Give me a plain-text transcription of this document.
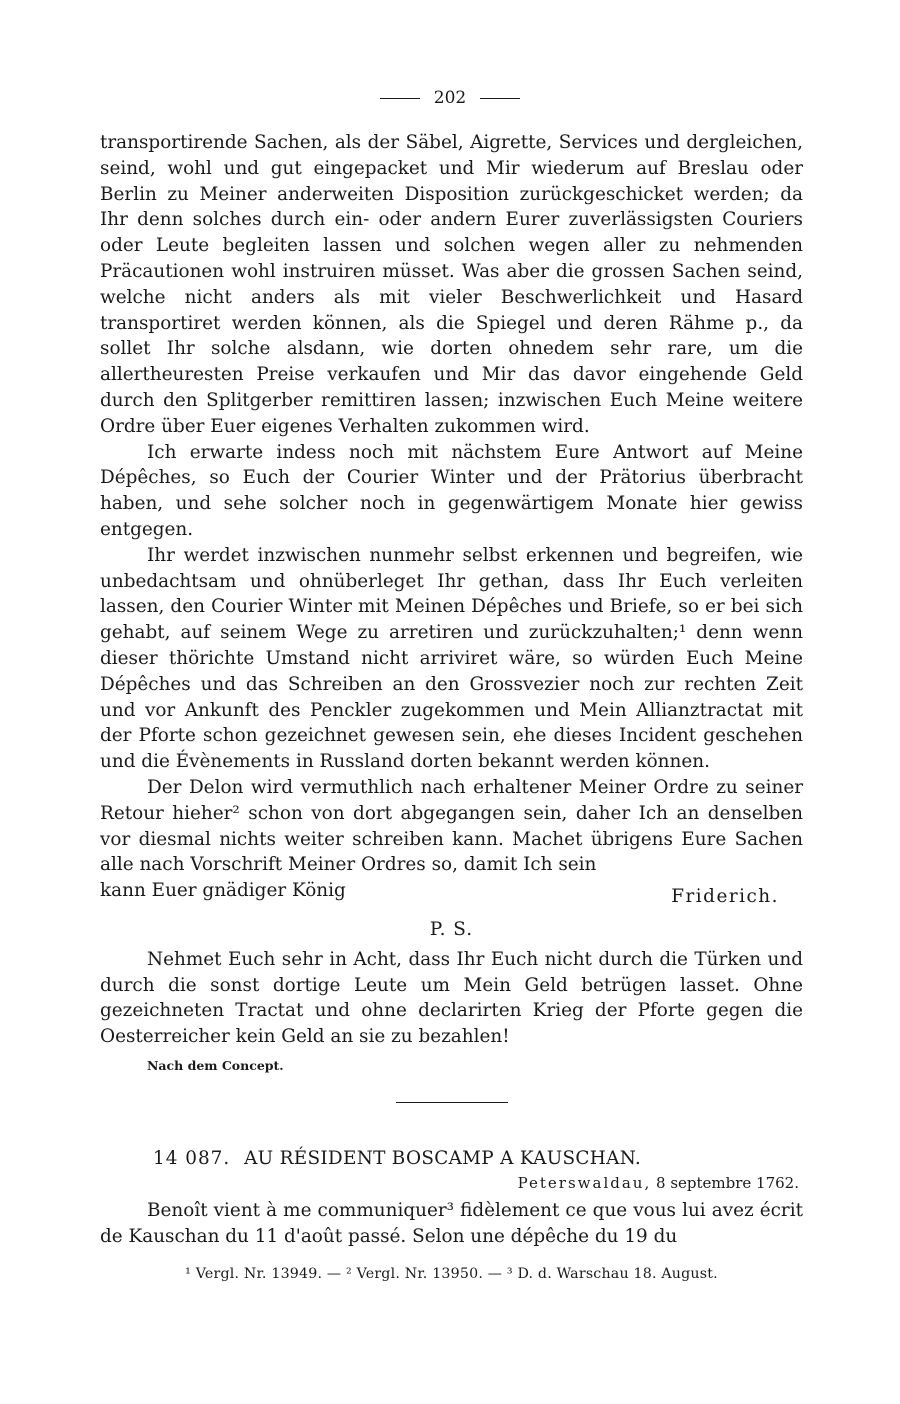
202

transportirende Sachen, als der Säbel, Aigrette, Services und dergleichen, seind, wohl und gut eingepacket und Mir wiederum auf Breslau oder Berlin zu Meiner anderweiten Disposition zurückgeschicket werden; da Ihr denn solches durch ein- oder andern Eurer zuverlässigsten Couriers oder Leute begleiten lassen und solchen wegen aller zu nehmenden Präcautionen wohl instruiren müsset. Was aber die grossen Sachen seind, welche nicht anders als mit vieler Beschwerlichkeit und Hasard transportiret werden können, als die Spiegel und deren Rähme p., da sollet Ihr solche alsdann, wie dorten ohnedem sehr rare, um die allertheuresten Preise verkaufen und Mir das davor eingehende Geld durch den Splitgerber remittiren lassen; inzwischen Euch Meine weitere Ordre über Euer eigenes Verhalten zukommen wird.

Ich erwarte indess noch mit nächstem Eure Antwort auf Meine Dépêches, so Euch der Courier Winter und der Prätorius überbracht haben, und sehe solcher noch in gegenwärtigem Monate hier gewiss entgegen.

Ihr werdet inzwischen nunmehr selbst erkennen und begreifen, wie unbedachtsam und ohnüberleget Ihr gethan, dass Ihr Euch verleiten lassen, den Courier Winter mit Meinen Dépêches und Briefe, so er bei sich gehabt, auf seinem Wege zu arretiren und zurückzuhalten;¹ denn wenn dieser thörichte Umstand nicht arriviret wäre, so würden Euch Meine Dépêches und das Schreiben an den Grossvezier noch zur rechten Zeit und vor Ankunft des Penckler zugekommen und Mein Allianztractat mit der Pforte schon gezeichnet gewesen sein, ehe dieses Incident geschehen und die Évènements in Russland dorten bekannt werden können.

Der Delon wird vermuthlich nach erhaltener Meiner Ordre zu seiner Retour hieher² schon von dort abgegangen sein, daher Ich an denselben vor diesmal nichts weiter schreiben kann. Machet übrigens Eure Sachen alle nach Vorschrift Meiner Ordres so, damit Ich sein

kann Euer gnädiger König	Friderich.

P. S.

Nehmet Euch sehr in Acht, dass Ihr Euch nicht durch die Türken und durch die sonst dortige Leute um Mein Geld betrügen lasset. Ohne gezeichneten Tractat und ohne declarirten Krieg der Pforte gegen die Oesterreicher kein Geld an sie zu bezahlen!

Nach dem Concept.

14 087. AU RÉSIDENT BOSCAMP A KAUSCHAN.

Peterswaldau, 8 septembre 1762.

Benoît vient à me communiquer³ fidèlement ce que vous lui avez écrit de Kauschan du 11 d'août passé. Selon une dépêche du 19 du

¹ Vergl. Nr. 13949. — ² Vergl. Nr. 13950. — ³ D. d. Warschau 18. August.
